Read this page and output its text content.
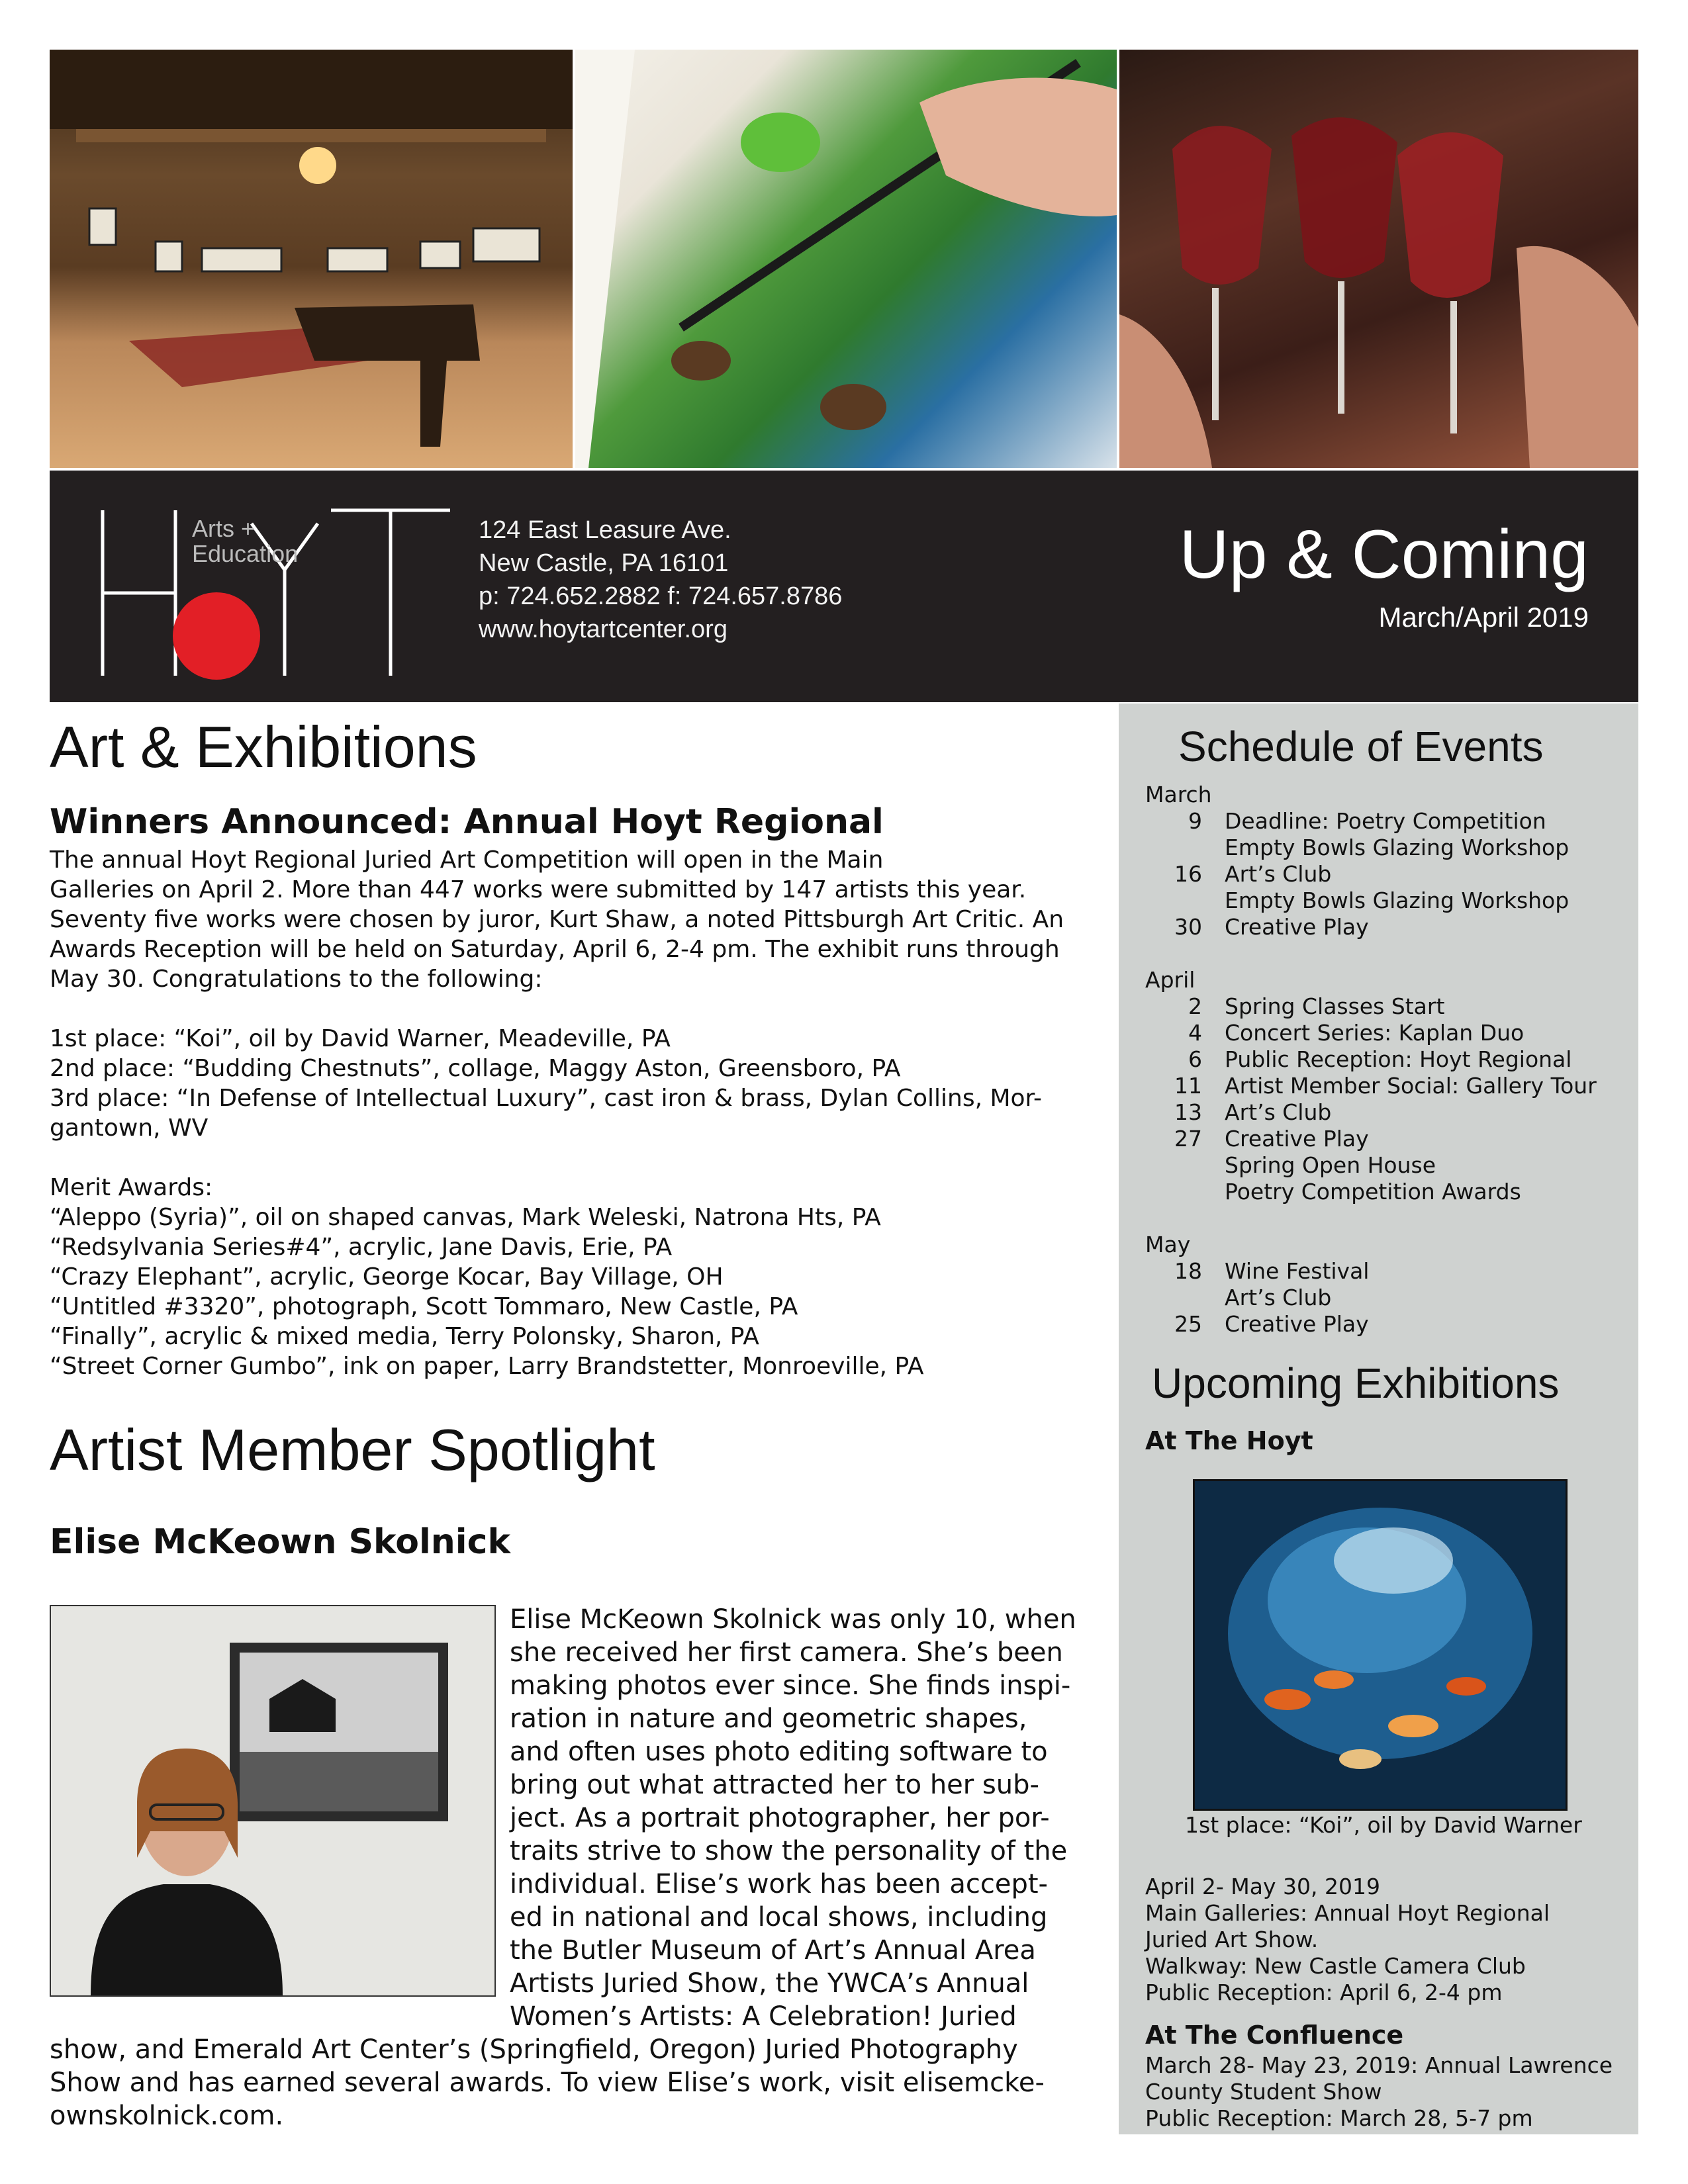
Arts +
Education
124 East Leasure Ave.
New Castle, PA 16101
p: 724.652.2882 f: 724.657.8786
www.hoytartcenter.org
Up & Coming
March/April 2019
Art & Exhibitions
Winners Announced: Annual Hoyt Regional
The annual Hoyt Regional Juried Art Competition will open in the Main
Galleries on April 2. More than 447 works were submitted by 147 artists this year.
Seventy five works were chosen by juror, Kurt Shaw, a noted Pittsburgh Art Critic. An
Awards Reception will be held on Saturday, April 6, 2-4 pm. The exhibit runs through
May 30. Congratulations to the following:
1st place: “Koi”, oil by David Warner, Meadeville, PA
2nd place: “Budding Chestnuts”, collage, Maggy Aston, Greensboro, PA
3rd place: “In Defense of Intellectual Luxury”, cast iron & brass, Dylan Collins, Mor-
gantown, WV
Merit Awards:
“Aleppo (Syria)”, oil on shaped canvas, Mark Weleski, Natrona Hts, PA
“Redsylvania Series#4”, acrylic, Jane Davis, Erie, PA
“Crazy Elephant”, acrylic, George Kocar, Bay Village, OH
“Untitled #3320”, photograph, Scott Tommaro, New Castle, PA
“Finally”, acrylic & mixed media, Terry Polonsky, Sharon, PA
“Street Corner Gumbo”, ink on paper, Larry Brandstetter, Monroeville, PA
Artist Member Spotlight
Elise McKeown Skolnick
Elise McKeown Skolnick was only 10, when
she received her first camera. She’s been
making photos ever since. She finds inspi-
ration in nature and geometric shapes,
and often uses photo editing software to
bring out what attracted her to her sub-
ject. As a portrait photographer, her por-
traits strive to show the personality of the
individual. Elise’s work has been accept-
ed in national and local shows, including
the Butler Museum of Art’s Annual Area
Artists Juried Show, the YWCA’s Annual
Women’s Artists: A Celebration! Juried
show, and Emerald Art Center’s (Springfield, Oregon) Juried Photography
Show and has earned several awards. To view Elise’s work, visit elisemcke-
ownskolnick.com.
Schedule of Events
March
9 Deadline: Poetry Competition
Empty Bowls Glazing Workshop
16 Art’s Club
Empty Bowls Glazing Workshop
30 Creative Play
April
2 Spring Classes Start
4 Concert Series: Kaplan Duo
6 Public Reception: Hoyt Regional
11 Artist Member Social: Gallery Tour
13 Art’s Club
27 Creative Play
Spring Open House
Poetry Competition Awards
May
18 Wine Festival
Art’s Club
25 Creative Play
Upcoming Exhibitions
At The Hoyt
1st place: “Koi”, oil by David Warner
April 2- May 30, 2019
Main Galleries: Annual Hoyt Regional
Juried Art Show.
Walkway: New Castle Camera Club
Public Reception: April 6, 2-4 pm
At The Confluence
March 28- May 23, 2019: Annual Lawrence
County Student Show
Public Reception: March 28, 5-7 pm
